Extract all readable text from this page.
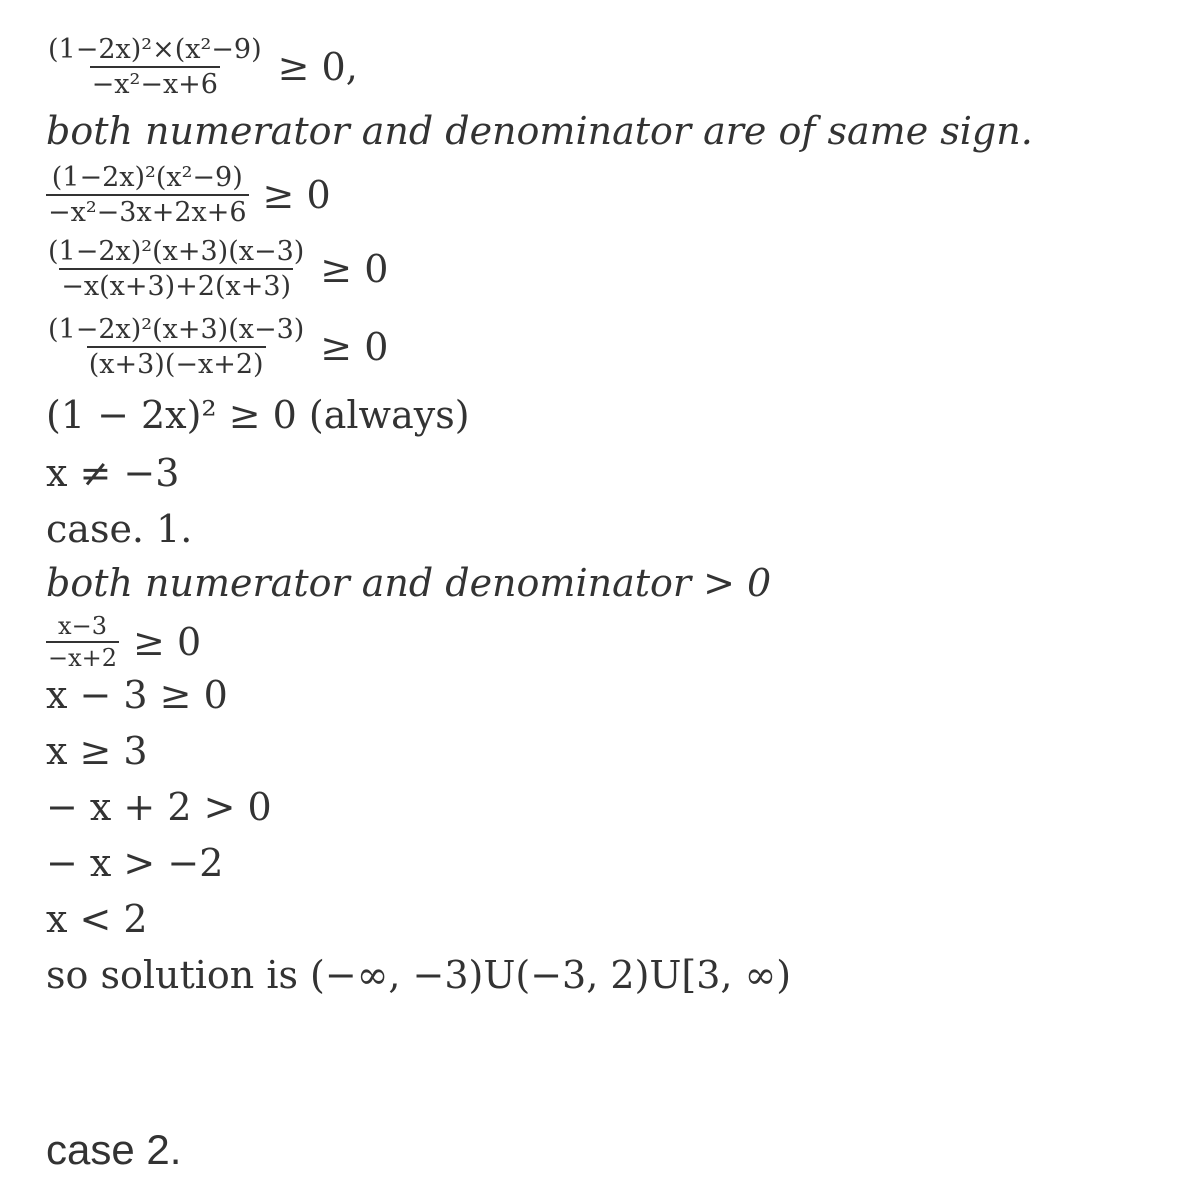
$\frac{\text{(1−2x)²×(x²−9)}}{\text{−x²−x+6}} \ge 0$,
both numerator and denominator are of same sign.
$\frac{\text{(1−2x)²(x²−9)}}{\text{−x²−3x+2x+6}} \ge 0$
$\frac{\text{(1−2x)²(x+3)(x−3)}}{-x(x+3)+2(x+3)} \ge 0$
$\frac{\text{(1−2x)²(x+3)(x−3)}}{(x+3)(-x+2)} \ge 0$
(1 − 2x)² ≥ 0 (always)
x ≠ −3
case. 1.
both numerator and denominator > 0
$\frac{x-3}{-x+2} \ge 0$
x − 3 ≥ 0
x ≥ 3
− x + 2 > 0
− x > −2
x < 2
so solution is (−∞, −3)U(−3, 2)U[3, ∞)
case 2.
